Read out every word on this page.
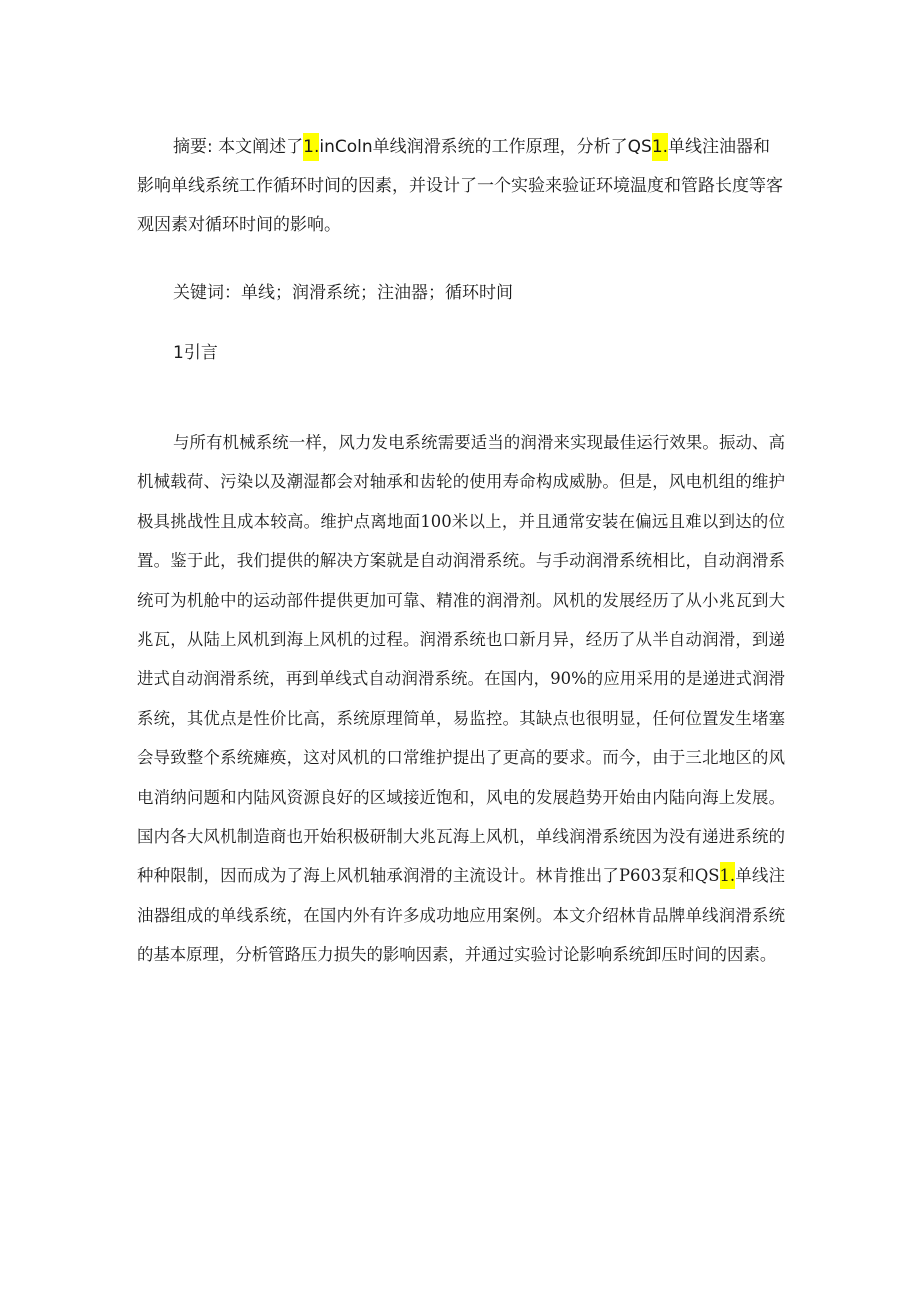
摘要: 本文阐述了1.inColn单线润滑系统的工作原理，分析了QS1.单线注油器和影响单线系统工作循环时间的因素，并设计了一个实验来验证环境温度和管路长度等客观因素对循环时间的影响。

关键词：单线；润滑系统；注油器；循环时间

1引言

与所有机械系统一样，风力发电系统需要适当的润滑来实现最佳运行效果。振动、高机械载荷、污染以及潮湿都会对轴承和齿轮的使用寿命构成威胁。但是，风电机组的维护极具挑战性且成本较高。维护点离地面100米以上，并且通常安装在偏远且难以到达的位置。鉴于此，我们提供的解决方案就是自动润滑系统。与手动润滑系统相比，自动润滑系统可为机舱中的运动部件提供更加可靠、精准的润滑剂。风机的发展经历了从小兆瓦到大兆瓦，从陆上风机到海上风机的过程。润滑系统也口新月异，经历了从半自动润滑，到递进式自动润滑系统，再到单线式自动润滑系统。在国内，90%的应用采用的是递进式润滑系统，其优点是性价比高，系统原理简单，易监控。其缺点也很明显，任何位置发生堵塞会导致整个系统瘫痪，这对风机的口常维护提出了更高的要求。而今，由于三北地区的风电消纳问题和内陆风资源良好的区域接近饱和，风电的发展趋势开始由内陆向海上发展。国内各大风机制造商也开始积极研制大兆瓦海上风机，单线润滑系统因为没有递进系统的种种限制，因而成为了海上风机轴承润滑的主流设计。林肯推出了P603泵和QS1.单线注油器组成的单线系统，在国内外有许多成功地应用案例。本文介绍林肯品牌单线润滑系统的基本原理，分析管路压力损失的影响因素，并通过实验讨论影响系统卸压时间的因素。
